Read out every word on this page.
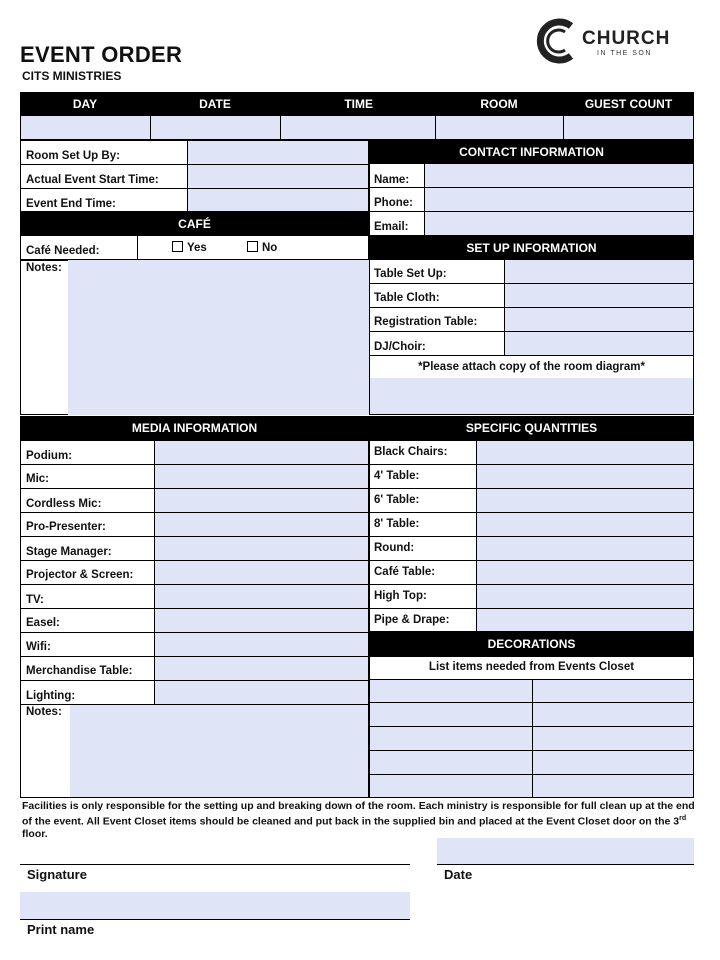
EVENT ORDER
CITS MINISTRIES
CHURCH
IN THE SON
DAY	DATE	TIME	ROOM	GUEST COUNT
Room Set Up By:
Actual Event Start Time:
Event End Time:
CONTACT INFORMATION
Name:
Phone:
Email:
CAFÉ
Café Needed:	Yes	No
Notes:
SET UP INFORMATION
Table Set Up:
Table Cloth:
Registration Table:
DJ/Choir:
*Please attach copy of the room diagram*
MEDIA INFORMATION
Podium:
Mic:
Cordless Mic:
Pro-Presenter:
Stage Manager:
Projector & Screen:
TV:
Easel:
Wifi:
Merchandise Table:
Lighting:
Notes:
SPECIFIC QUANTITIES
Black Chairs:
4' Table:
6' Table:
8' Table:
Round:
Café Table:
High Top:
Pipe & Drape:
DECORATIONS
List items needed from Events Closet
Facilities is only responsible for the setting up and breaking down of the room. Each ministry is responsible for full clean up at the end of the event. All Event Closet items should be cleaned and put back in the supplied bin and placed at the Event Closet door on the 3rd floor.
Signature	Date
Print name
